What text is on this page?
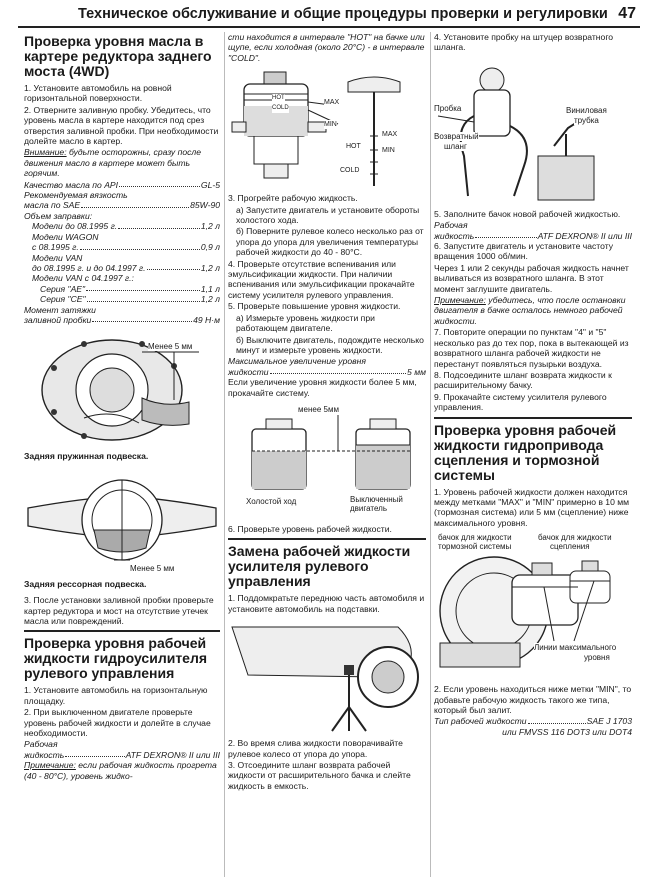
Техническое обслуживание и общие процедуры проверки и регулировки 47
Проверка уровня масла в картере редуктора заднего моста (4WD)

1. Установите автомобиль на ровной горизонтальной поверхности.

2. Отверните заливную пробку. Убедитесь, что уровень масла в картере находится под срез отверстия заливной пробки. При необходимости долейте масло в картер.

Внимание: будьте осторожны, сразу после движения масло в картере может быть горячим.

Качество масла по API	GL-5
Рекомендуемая вязкость
масла по SAE	85W-90
Объем заправки:
Модели до 08.1995 г.	1,2 л
Модели WAGON
с 08.1995 г.	0,9 л
Модели VAN
до 08.1995 г. и до 04.1997 г.	1,2 л
Модели VAN с 04.1997 г.:
Серия "AE"	1,1 л
Серия "CE"	1,2 л
Момент затяжки
заливной пробки	49 Н·м
Менее 5 мм
Задняя пружинная подвеска.
Менее 5 мм
Задняя рессорная подвеска.

3. После установки заливной пробки проверьте картер редуктора и мост на отсутствие утечек масла или повреждений.

Проверка уровня рабочей жидкости гидроусилителя рулевого управления

1. Установите автомобиль на горизонтальную площадку.

2. При выключенном двигателе проверьте уровень рабочей жидкости и долейте в случае необходимости.

Рабочая
жидкость	ATF DEXRON® II или III

Примечание: если рабочая жидкость прогрета (40 - 80°C), уровень жидко-

сти находится в интервале "HOT" на бачке или щупе, если холодная (около 20°C) - в интервале "COLD".

HOT
COLD
MAX
MIN
MAX
MIN
HOT
COLD

3. Прогрейте рабочую жидкость.

а) Запустите двигатель и установите обороты холостого хода.

б) Поверните рулевое колесо несколько раз от упора до упора для увеличения температуры рабочей жидкости до 40 - 80°C.

4. Проверьте отсутствие вспенивания или эмульсификации жидкости. При наличии вспенивания или эмульсификации прокачайте систему усилителя рулевого управления.

5. Проверьте повышение уровня жидкости.

а) Измерьте уровень жидкости при работающем двигателе.

б) Выключите двигатель, подождите несколько минут и измерьте уровень жидкости.

Максимальное увеличение уровня
жидкости	5 мм

Если увеличение уровня жидкости более 5 мм, прокачайте систему.

менее 5мм
Холостой ход	Выключенный двигатель

6. Проверьте уровень рабочей жидкости.

Замена рабочей жидкости усилителя рулевого управления

1. Поддомкратьте переднюю часть автомобиля и установите автомобиль на подставки.

2. Во время слива жидкости поворачивайте рулевое колесо от упора до упора.

3. Отсоедините шланг возврата рабочей жидкости от расширительного бачка и слейте жидкость в емкость.

4. Установите пробку на штуцер возвратного шланга.

Пробка
Возвратный
шланг
Виниловая
трубка

5. Заполните бачок новой рабочей жидкостью.

Рабочая
жидкость	ATF DEXRON® II или III

6. Запустите двигатель и установите частоту вращения 1000 об/мин.

Через 1 или 2 секунды рабочая жидкость начнет выливаться из возвратного шланга. В этот момент заглушите двигатель.

Примечание: убедитесь, что после остановки двигателя в бачке осталось немного рабочей жидкости.

7. Повторите операции по пунктам "4" и "5" несколько раз до тех пор, пока в вытекающей из возвратного шланга рабочей жидкости не перестанут появляться пузырьки воздуха.

8. Подсоедините шланг возврата жидкости к расширительному бачку.

9. Прокачайте систему усилителя рулевого управления.

Проверка уровня рабочей жидкости гидропривода сцепления и тормозной системы

1. Уровень рабочей жидкости должен находится между метками "MAX" и "MIN" примерно в 10 мм (тормозная система) или 5 мм (сцепление) ниже максимального уровня.

бачок для жидкости
тормозной системы
бачок для жидкости
сцепления
Линии максимального
уровня

2. Если уровень находиться ниже метки "MIN", то добавьте рабочую жидкость такого же типа, который был залит.

Тип рабочей жидкости	SAE J 1703
или FMVSS 116 DOT3 или DOT4
